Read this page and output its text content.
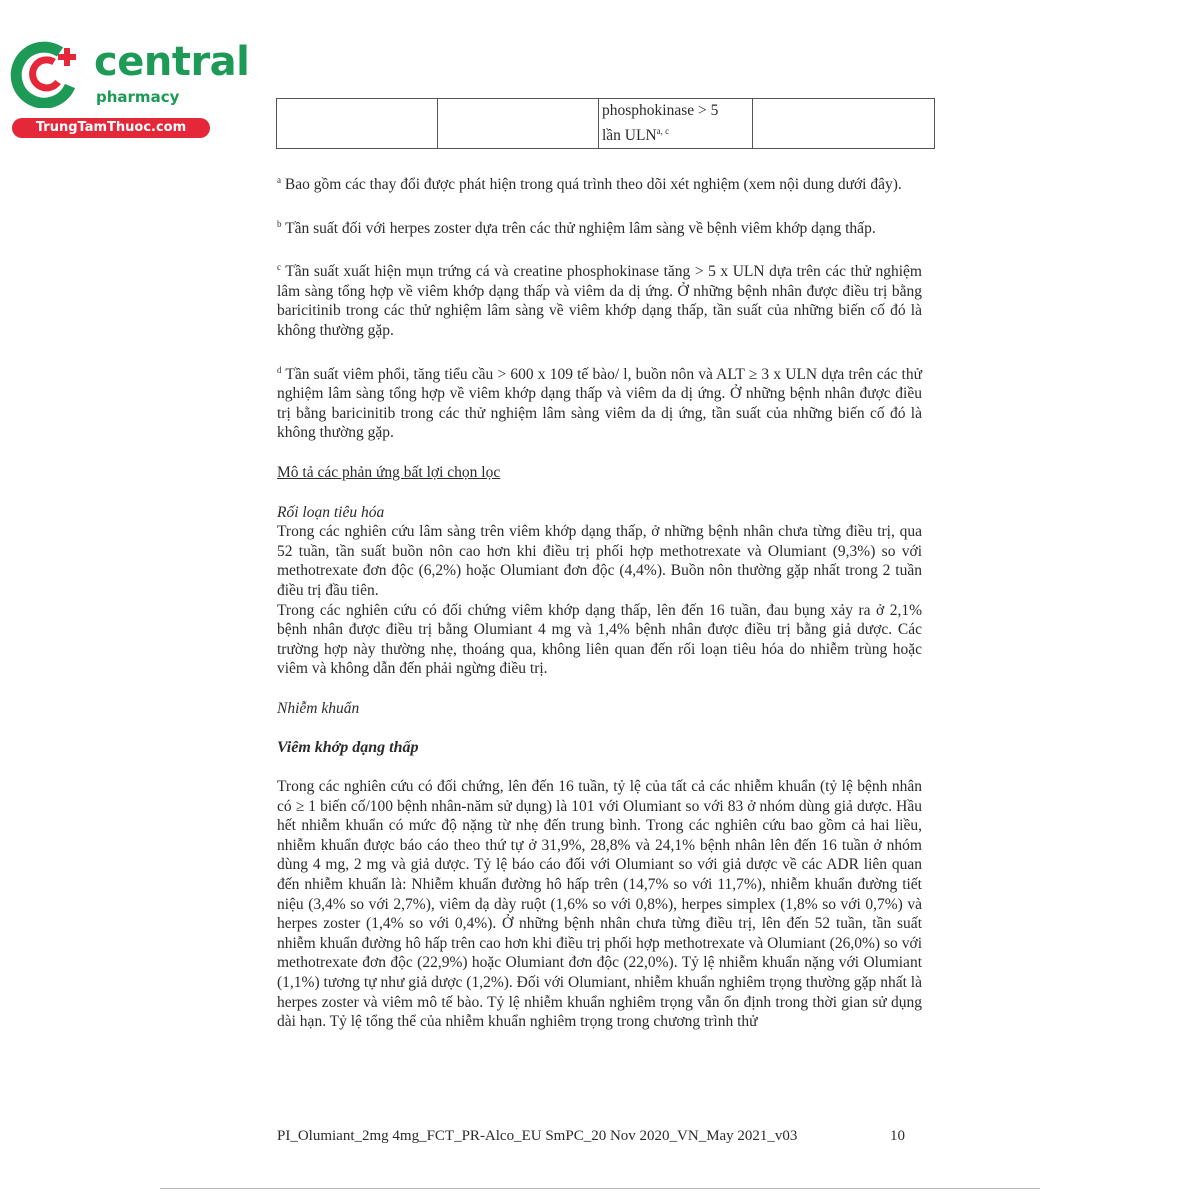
central
pharmacy
TrungTamThuoc.com
		phosphokinase > 5
lần ULN$^{a, c}$	

$^a$ Bao gồm các thay đổi được phát hiện trong quá trình theo dõi xét nghiệm (xem nội dung dưới đây).

$^b$ Tần suất đối với herpes zoster dựa trên các thử nghiệm lâm sàng về bệnh viêm khớp dạng thấp.

$^c$ Tần suất xuất hiện mụn trứng cá và creatine phosphokinase tăng > 5 x ULN dựa trên các thử nghiệm lâm sàng tổng hợp về viêm khớp dạng thấp và viêm da dị ứng. Ở những bệnh nhân được điều trị bằng baricitinib trong các thử nghiệm lâm sàng về viêm khớp dạng thấp, tần suất của những biến cố đó là không thường gặp.

$^d$ Tần suất viêm phổi, tăng tiểu cầu > 600 x 109 tế bào/ l, buồn nôn và ALT ≥ 3 x ULN dựa trên các thử nghiệm lâm sàng tổng hợp về viêm khớp dạng thấp và viêm da dị ứng. Ở những bệnh nhân được điều trị bằng baricinitib trong các thử nghiệm lâm sàng viêm da dị ứng, tần suất của những biến cố đó là không thường gặp.

Mô tả các phản ứng bất lợi chọn lọc

Rối loạn tiêu hóa

Trong các nghiên cứu lâm sàng trên viêm khớp dạng thấp, ở những bệnh nhân chưa từng điều trị, qua 52 tuần, tần suất buồn nôn cao hơn khi điều trị phối hợp methotrexate và Olumiant (9,3%) so với methotrexate đơn độc (6,2%) hoặc Olumiant đơn độc (4,4%). Buồn nôn thường gặp nhất trong 2 tuần điều trị đầu tiên.

Trong các nghiên cứu có đối chứng viêm khớp dạng thấp, lên đến 16 tuần, đau bụng xảy ra ở 2,1% bệnh nhân được điều trị bằng Olumiant 4 mg và 1,4% bệnh nhân được điều trị bằng giả dược. Các trường hợp này thường nhẹ, thoáng qua, không liên quan đến rối loạn tiêu hóa do nhiễm trùng hoặc viêm và không dẫn đến phải ngừng điều trị.

Nhiễm khuẩn

Viêm khớp dạng thấp

Trong các nghiên cứu có đối chứng, lên đến 16 tuần, tỷ lệ của tất cả các nhiễm khuẩn (tỷ lệ bệnh nhân có ≥ 1 biến cố/100 bệnh nhân-năm sử dụng) là 101 với Olumiant so với 83 ở nhóm dùng giả dược. Hầu hết nhiễm khuẩn có mức độ nặng từ nhẹ đến trung bình. Trong các nghiên cứu bao gồm cả hai liều, nhiễm khuẩn được báo cáo theo thứ tự ở 31,9%, 28,8% và 24,1% bệnh nhân lên đến 16 tuần ở nhóm dùng 4 mg, 2 mg và giả dược. Tỷ lệ báo cáo đối với Olumiant so với giả dược về các ADR liên quan đến nhiễm khuẩn là: Nhiễm khuẩn đường hô hấp trên (14,7% so với 11,7%), nhiễm khuẩn đường tiết niệu (3,4% so với 2,7%), viêm dạ dày ruột (1,6% so với 0,8%), herpes simplex (1,8% so với 0,7%) và herpes zoster (1,4% so với 0,4%). Ở những bệnh nhân chưa từng điều trị, lên đến 52 tuần, tần suất nhiễm khuẩn đường hô hấp trên cao hơn khi điều trị phối hợp methotrexate và Olumiant (26,0%) so với methotrexate đơn độc (22,9%) hoặc Olumiant đơn độc (22,0%). Tỷ lệ nhiễm khuẩn nặng với Olumiant (1,1%) tương tự như giả dược (1,2%). Đối với Olumiant, nhiễm khuẩn nghiêm trọng thường gặp nhất là herpes zoster và viêm mô tế bào. Tỷ lệ nhiễm khuẩn nghiêm trọng vẫn ổn định trong thời gian sử dụng dài hạn. Tỷ lệ tổng thể của nhiễm khuẩn nghiêm trọng trong chương trình thử

PI_Olumiant_2mg 4mg_FCT_PR-Alco_EU SmPC_20 Nov 2020_VN_May 2021_v03	10
